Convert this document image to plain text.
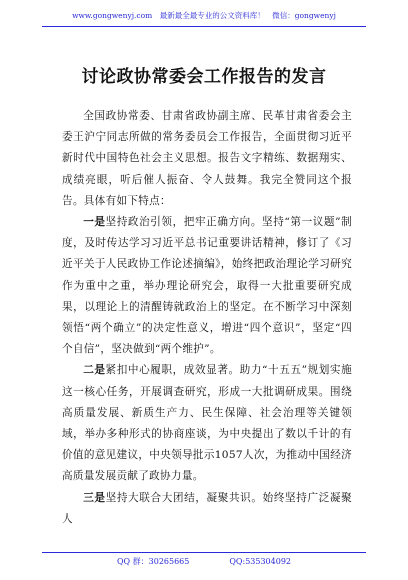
www.gongwenyj.com　最新最全最专业的公文资料库！　微信：gongwenyj
讨论政协常委会工作报告的发言

全国政协常委、甘肃省政协副主席、民革甘肃省委会主委王沪宁同志所做的常务委员会工作报告，全面贯彻习近平新时代中国特色社会主义思想。报告文字精练、数据翔实、成绩亮眼，听后催人振奋、令人鼓舞。我完全赞同这个报告。具体有如下特点：

一是坚持政治引领，把牢正确方向。坚持“第一议题”制度，及时传达学习习近平总书记重要讲话精神，修订了《习近平关于人民政协工作论述摘编》，始终把政治理论学习研究作为重中之重，举办理论研究会，取得一大批重要研究成果，以理论上的清醒铸就政治上的坚定。在不断学习中深刻领悟“两个确立”的决定性意义，增进“四个意识”，坚定“四个自信”，坚决做到“两个维护”。

二是紧扣中心履职，成效显著。助力“十五五”规划实施这一核心任务，开展调查研究，形成一大批调研成果。围绕高质量发展、新质生产力、民生保障、社会治理等关键领域，举办多种形式的协商座谈，为中央提出了数以千计的有价值的意见建议，中央领导批示1057人次，为推动中国经济高质量发展贡献了政协力量。

三是坚持大联合大团结，凝聚共识。始终坚持广泛凝聚人

QQ 群：30265665	QQ:535304092
